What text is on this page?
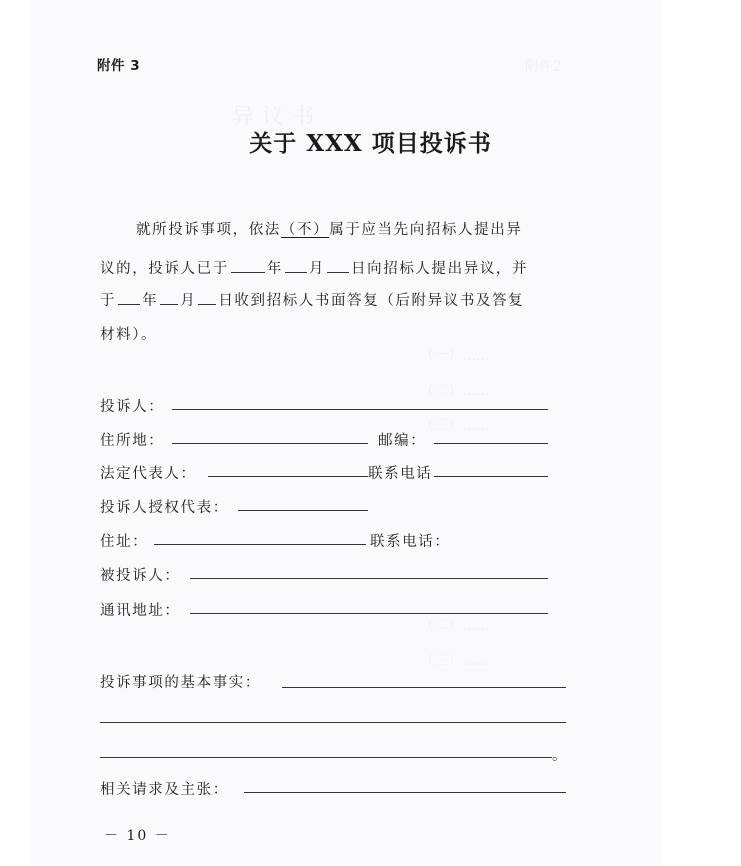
附件 3
关于 XXX 项目投诉书
就所投诉事项，依法（不）属于应当先向招标人提出异
议的，投诉人已于	年 月 日向招标人提出异议，并
于 年 月 日收到招标人书面答复（后附异议书及答复
材料）。
投诉人：
住所地：	邮编：
法定代表人：	联系电话
投诉人授权代表：
住址：	联系电话：
被投诉人：
通讯地址：
投诉事项的基本事实：
。
相关请求及主张：
－ 10 －
